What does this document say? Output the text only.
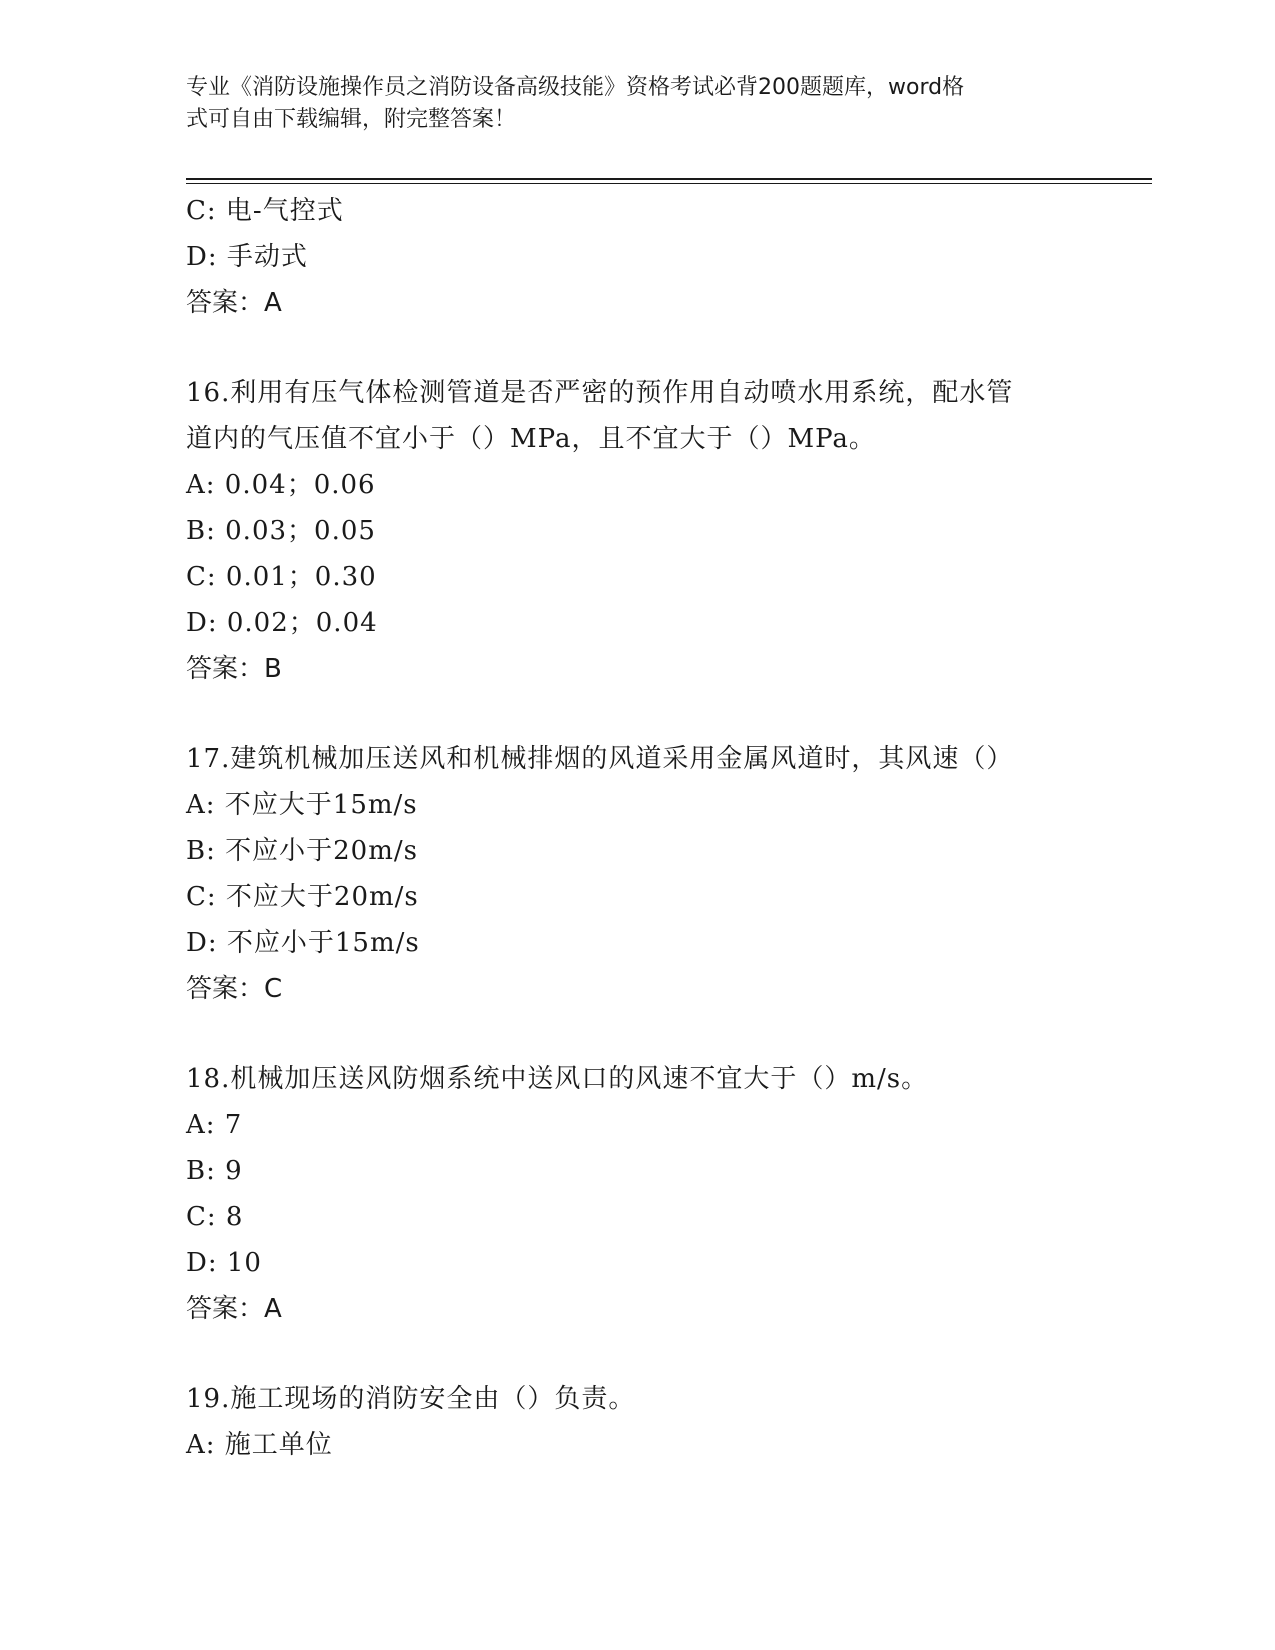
专业《消防设施操作员之消防设备高级技能》资格考试必背200题题库，word格
式可自由下载编辑，附完整答案！
C: 电-气控式
D: 手动式
答案：A
16.利用有压气体检测管道是否严密的预作用自动喷水用系统，配水管
道内的气压值不宜小于（）MPa，且不宜大于（）MPa。
A: 0.04；0.06
B: 0.03；0.05
C: 0.01；0.30
D: 0.02；0.04
答案：B
17.建筑机械加压送风和机械排烟的风道采用金属风道时，其风速（）
A: 不应大于15m/s
B: 不应小于20m/s
C: 不应大于20m/s
D: 不应小于15m/s
答案：C
18.机械加压送风防烟系统中送风口的风速不宜大于（）m/s。
A: 7
B: 9
C: 8
D: 10
答案：A
19.施工现场的消防安全由（）负责。
A: 施工单位
